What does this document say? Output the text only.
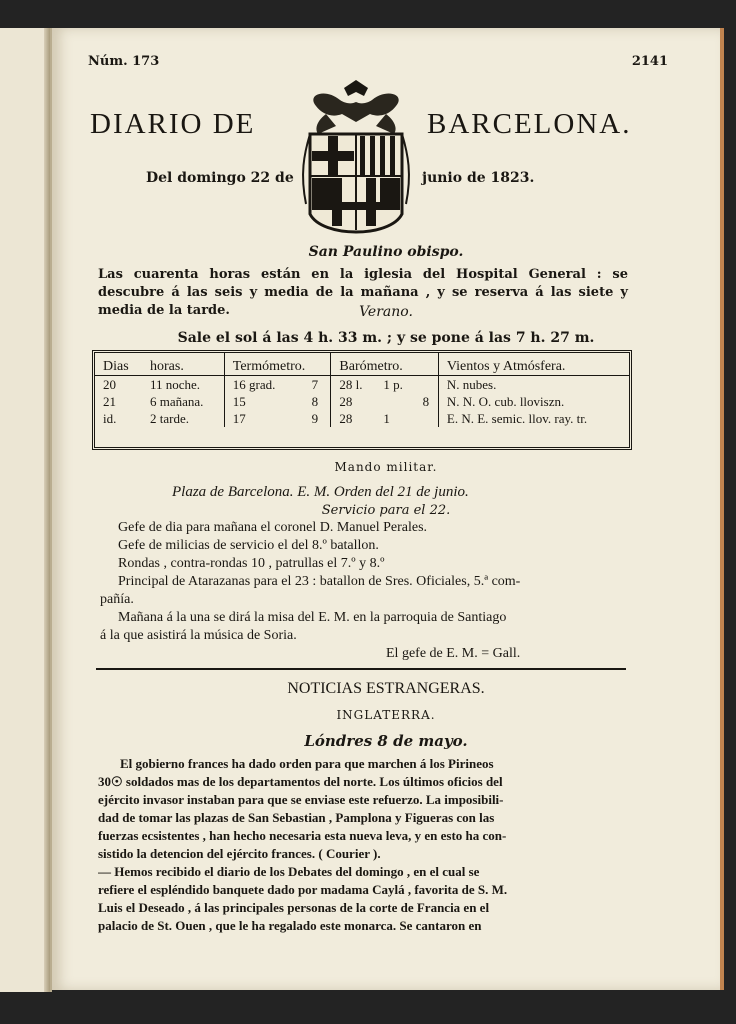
Núm. 173	2141
DIARIO DE	BARCELONA.
Del domingo 22 de	junio de 1823.
San Paulino obispo.
Las cuarenta horas están en la iglesia del Hospital General : se descubre á las seis y media de la mañana , y se reserva á las siete y media de la tarde.	Verano.
Sale el sol á las 4 h. 33 m. ; y se pone á las 7 h. 27 m.
Dias	horas.	Termómetro.		Barómetro.			Vientos y Atmósfera.
20	11 noche.	16 grad.	7	28 l.	1 p.		N. nubes.
21	6 mañana.	15	8	28		8	N. N. O. cub. lloviszn.
id.	2 tarde.	17	9	28	1		E. N. E. semic. llov. ray. tr.
Mando militar.
Plaza de Barcelona. E. M. Orden del 21 de junio.
Servicio para el 22.
Gefe de dia para mañana el coronel D. Manuel Perales.
Gefe de milicias de servicio el del 8.º batallon.
Rondas , contra-rondas 10 , patrullas el 7.º y 8.º
Principal de Atarazanas para el 23 : batallon de Sres. Oficiales, 5.ª com-
pañía.
Mañana á la una se dirá la misa del E. M. en la parroquia de Santiago
á la que asistirá la música de Soria.
El gefe de E. M. = Gall.
NOTICIAS ESTRANGERAS.
INGLATERRA.
Lóndres 8 de mayo.
El gobierno frances ha dado orden para que marchen á los Pirineos
30☉ soldados mas de los departamentos del norte. Los últimos oficios del
ejército invasor instaban para que se enviase este refuerzo. La imposibili-
dad de tomar las plazas de San Sebastian , Pamplona y Figueras con las
fuerzas ecsistentes , han hecho necesaria esta nueva leva, y en esto ha con-
sistido la detencion del ejército frances. ( Courier ).
— Hemos recibido el diario de los Debates del domingo , en el cual se
refiere el espléndido banquete dado por madama Caylá , favorita de S. M.
Luis el Deseado , á las principales personas de la corte de Francia en el
palacio de St. Ouen , que le ha regalado este monarca. Se cantaron en
